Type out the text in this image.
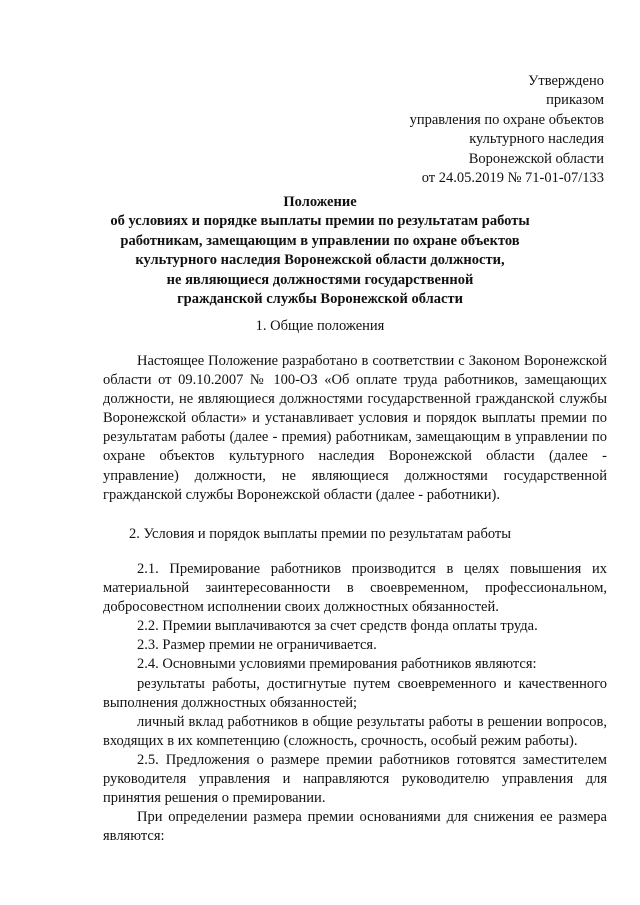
Утверждено
приказом
управления по охране объектов
культурного наследия
Воронежской области
от 24.05.2019 № 71-01-07/133
Положение
об условиях и порядке выплаты премии по результатам работы
работникам, замещающим в управлении по охране объектов
культурного наследия Воронежской области должности,
не являющиеся должностями государственной
гражданской службы Воронежской области
1. Общие положения

Настоящее Положение разработано в соответствии с Законом Воронежской области от 09.10.2007 № 100-ОЗ «Об оплате труда работников, замещающих должности, не являющиеся должностями государственной гражданской службы Воронежской области» и устанавливает условия и порядок выплаты премии по результатам работы (далее - премия) работникам, замещающим в управлении по охране объектов культурного наследия Воронежской области (далее - управление) должности, не являющиеся должностями государственной гражданской службы Воронежской области (далее - работники).

2. Условия и порядок выплаты премии по результатам работы

2.1. Премирование работников производится в целях повышения их материальной заинтересованности в своевременном, профессиональном, добросовестном исполнении своих должностных обязанностей.

2.2. Премии выплачиваются за счет средств фонда оплаты труда.

2.3. Размер премии не ограничивается.

2.4. Основными условиями премирования работников являются:

результаты работы, достигнутые путем своевременного и качественного выполнения должностных обязанностей;

личный вклад работников в общие результаты работы в решении вопросов, входящих в их компетенцию (сложность, срочность, особый режим работы).

2.5. Предложения о размере премии работников готовятся заместителем руководителя управления и направляются руководителю управления для принятия решения о премировании.

При определении размера премии основаниями для снижения ее размера являются:
